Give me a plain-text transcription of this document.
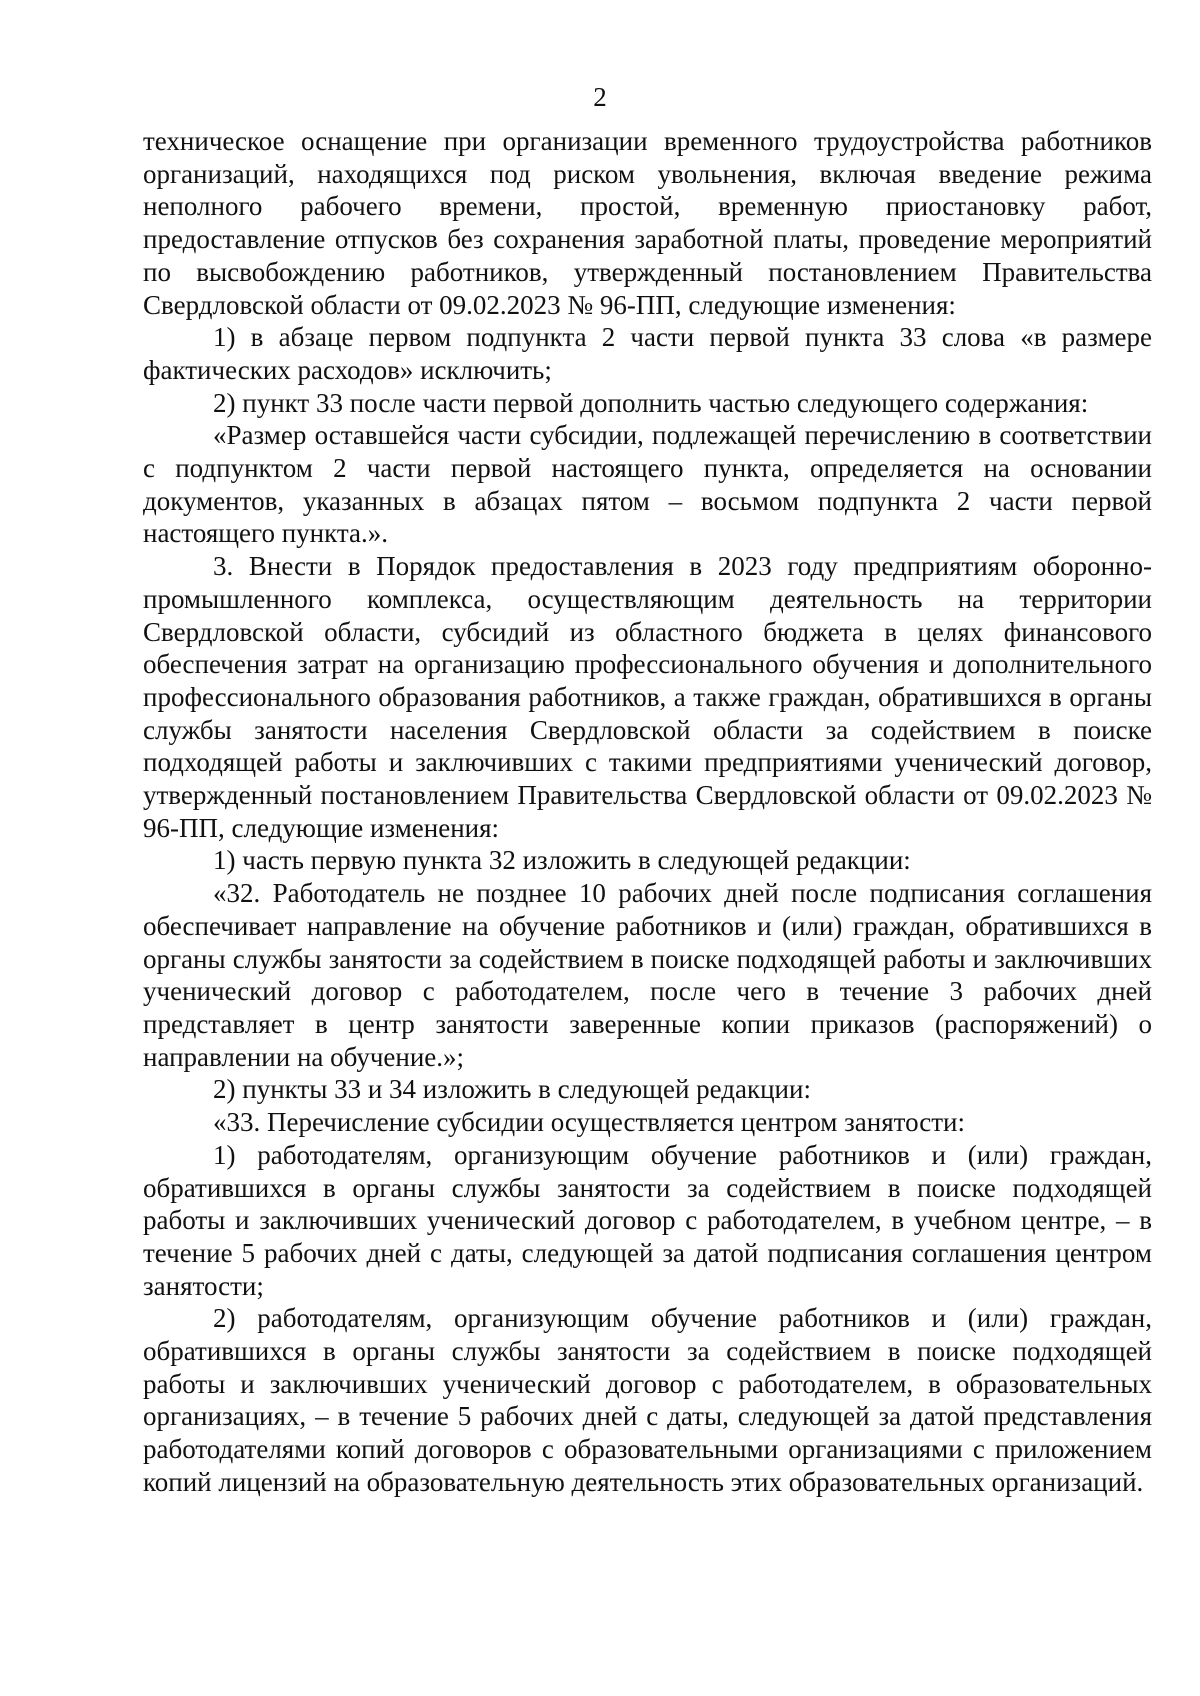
2

техническое оснащение при организации временного трудоустройства работников организаций, находящихся под риском увольнения, включая введение режима неполного рабочего времени, простой, временную приостановку работ, предоставление отпусков без сохранения заработной платы, проведение мероприятий по высвобождению работников, утвержденный постановлением Правительства Свердловской области от 09.02.2023 № 96-ПП, следующие изменения:

1) в абзаце первом подпункта 2 части первой пункта 33 слова «в размере фактических расходов» исключить;

2) пункт 33 после части первой дополнить частью следующего содержания:

«Размер оставшейся части субсидии, подлежащей перечислению в соответствии с подпунктом 2 части первой настоящего пункта, определяется на основании документов, указанных в абзацах пятом – восьмом подпункта 2 части первой настоящего пункта.».

3. Внести в Порядок предоставления в 2023 году предприятиям оборонно-промышленного комплекса, осуществляющим деятельность на территории Свердловской области, субсидий из областного бюджета в целях финансового обеспечения затрат на организацию профессионального обучения и дополнительного профессионального образования работников, а также граждан, обратившихся в органы службы занятости населения Свердловской области за содействием в поиске подходящей работы и заключивших с такими предприятиями ученический договор, утвержденный постановлением Правительства Свердловской области от 09.02.2023 № 96-ПП, следующие изменения:

1) часть первую пункта 32 изложить в следующей редакции:

«32. Работодатель не позднее 10 рабочих дней после подписания соглашения обеспечивает направление на обучение работников и (или) граждан, обратившихся в органы службы занятости за содействием в поиске подходящей работы и заключивших ученический договор с работодателем, после чего в течение 3 рабочих дней представляет в центр занятости заверенные копии приказов (распоряжений) о направлении на обучение.»;

2) пункты 33 и 34 изложить в следующей редакции:

«33. Перечисление субсидии осуществляется центром занятости:

1) работодателям, организующим обучение работников и (или) граждан, обратившихся в органы службы занятости за содействием в поиске подходящей работы и заключивших ученический договор с работодателем, в учебном центре, – в течение 5 рабочих дней с даты, следующей за датой подписания соглашения центром занятости;

2) работодателям, организующим обучение работников и (или) граждан, обратившихся в органы службы занятости за содействием в поиске подходящей работы и заключивших ученический договор с работодателем, в образовательных организациях, – в течение 5 рабочих дней с даты, следующей за датой представления работодателями копий договоров с образовательными организациями с приложением копий лицензий на образовательную деятельность этих образовательных организаций.
